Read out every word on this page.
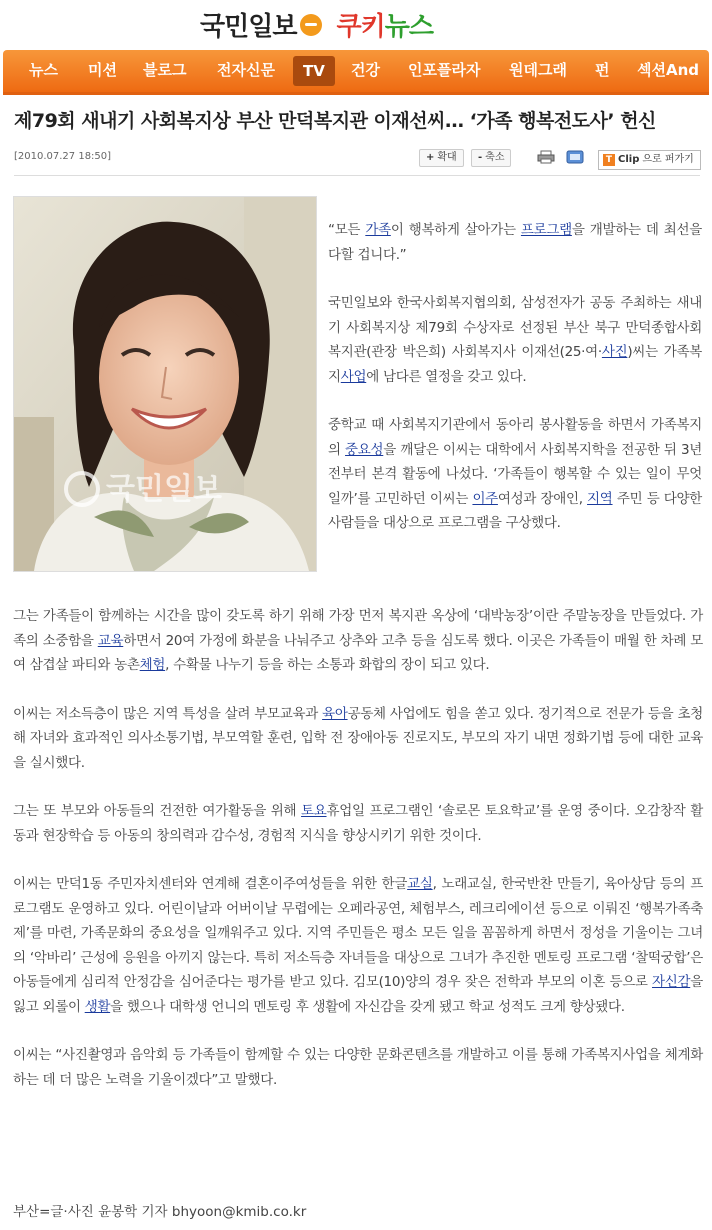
국민일보 쿠키뉴스
뉴스 미션 블로그 전자신문	TV	건강 인포플라자 원데그래 펀 섹션And
제79회 새내기 사회복지상 부산 만덕복지관 이재선씨… ‘가족 행복전도사’ 헌신
[2010.07.27 18:50]	+ 확대	- 축소	T Clip 으로 퍼가기
국민일보

“모든 가족이 행복하게 살아가는 프로그램을 개발하는 데 최선을 다할 겁니다.”

국민일보와 한국사회복지협의회, 삼성전자가 공동 주최하는 새내기 사회복지상 제79회 수상자로 선정된 부산 북구 만덕종합사회복지관(관장 박은희) 사회복지사 이재선(25·여·사진)씨는 가족복지사업에 남다른 열정을 갖고 있다.

중학교 때 사회복지기관에서 동아리 봉사활동을 하면서 가족복지의 중요성을 깨달은 이씨는 대학에서 사회복지학을 전공한 뒤 3년 전부터 본격 활동에 나섰다. ‘가족들이 행복할 수 있는 일이 무엇일까’를 고민하던 이씨는 이주여성과 장애인, 지역 주민 등 다양한 사람들을 대상으로 프로그램을 구상했다.

그는 가족들이 함께하는 시간을 많이 갖도록 하기 위해 가장 먼저 복지관 옥상에 ‘대박농장’이란 주말농장을 만들었다. 가족의 소중함을 교육하면서 20여 가정에 화분을 나눠주고 상추와 고추 등을 심도록 했다. 이곳은 가족들이 매월 한 차례 모여 삼겹살 파티와 농촌체험, 수확물 나누기 등을 하는 소통과 화합의 장이 되고 있다.

이씨는 저소득층이 많은 지역 특성을 살려 부모교육과 육아공동체 사업에도 힘을 쏟고 있다. 정기적으로 전문가 등을 초청해 자녀와 효과적인 의사소통기법, 부모역할 훈련, 입학 전 장애아동 진로지도, 부모의 자기 내면 정화기법 등에 대한 교육을 실시했다.

그는 또 부모와 아동들의 건전한 여가활동을 위해 토요휴업일 프로그램인 ‘솔로몬 토요학교’를 운영 중이다. 오감창작 활동과 현장학습 등 아동의 창의력과 감수성, 경험적 지식을 향상시키기 위한 것이다.

이씨는 만덕1동 주민자치센터와 연계해 결혼이주여성들을 위한 한글교실, 노래교실, 한국반찬 만들기, 육아상담 등의 프로그램도 운영하고 있다. 어린이날과 어버이날 무렵에는 오페라공연, 체험부스, 레크리에이션 등으로 이뤄진 ‘행복가족축제’를 마련, 가족문화의 중요성을 일깨워주고 있다. 지역 주민들은 평소 모든 일을 꼼꼼하게 하면서 정성을 기울이는 그녀의 ‘악바리’ 근성에 응원을 아끼지 않는다. 특히 저소득층 자녀들을 대상으로 그녀가 추진한 멘토링 프로그램 ‘찰떡궁합’은 아동들에게 심리적 안정감을 심어준다는 평가를 받고 있다. 김모(10)양의 경우 잦은 전학과 부모의 이혼 등으로 자신감을 잃고 외롤이 생활을 했으나 대학생 언니의 멘토링 후 생활에 자신감을 갖게 됐고 학교 성적도 크게 향상됐다.

이씨는 “사진촬영과 음악회 등 가족들이 함께할 수 있는 다양한 문화콘텐츠를 개발하고 이를 통해 가족복지사업을 체계화하는 데 더 많은 노력을 기울이겠다”고 말했다.

부산=글·사진 윤봉학 기자 bhyoon@kmib.co.kr
